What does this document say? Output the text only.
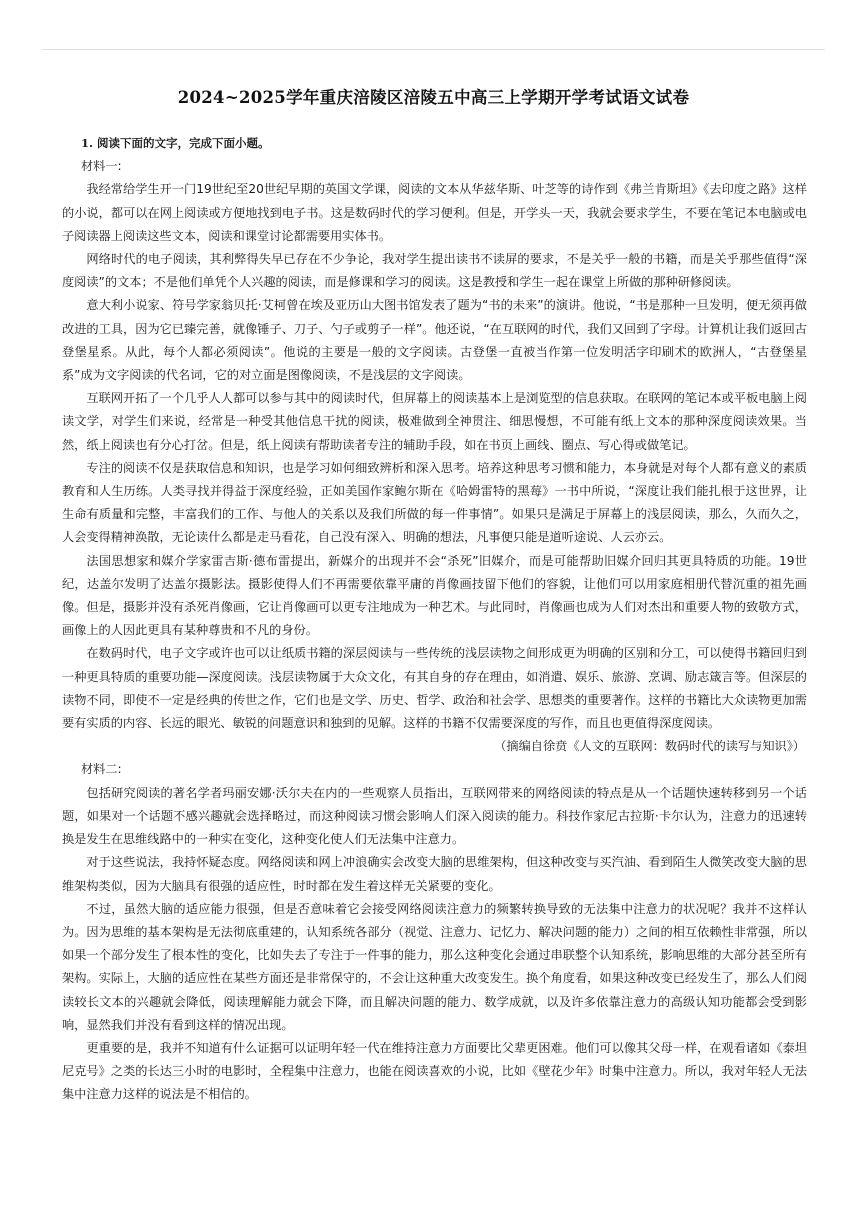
2024~2025学年重庆涪陵区涪陵五中高三上学期开学考试语文试卷

1. 阅读下面的文字，完成下面小题。

材料一:

我经常给学生开一门19世纪至20世纪早期的英国文学课，阅读的文本从华兹华斯、叶芝等的诗作到《弗兰肯斯坦》《去印度之路》这样的小说，都可以在网上阅读或方便地找到电子书。这是数码时代的学习便利。但是，开学头一天，我就会要求学生，不要在笔记本电脑或电子阅读器上阅读这些文本，阅读和课堂讨论都需要用实体书。

网络时代的电子阅读，其利弊得失早已存在不少争论，我对学生提出读书不读屏的要求，不是关乎一般的书籍，而是关乎那些值得“深度阅读”的文本；不是他们单凭个人兴趣的阅读，而是修课和学习的阅读。这是教授和学生一起在课堂上所做的那种研修阅读。

意大利小说家、符号学家翁贝托·艾柯曾在埃及亚历山大图书馆发表了题为“书的未来”的演讲。他说，“书是那种一旦发明，便无须再做改进的工具，因为它已臻完善，就像锤子、刀子、勺子或剪子一样”。他还说，“在互联网的时代，我们又回到了字母。计算机让我们返回古登堡星系。从此，每个人都必须阅读”。他说的主要是一般的文字阅读。古登堡一直被当作第一位发明活字印刷术的欧洲人，“古登堡星系”成为文字阅读的代名词，它的对立面是图像阅读，不是浅层的文字阅读。

互联网开拓了一个几乎人人都可以参与其中的阅读时代，但屏幕上的阅读基本上是浏览型的信息获取。在联网的笔记本或平板电脑上阅读文学，对学生们来说，经常是一种受其他信息干扰的阅读，极难做到全神贯注、细思慢想，不可能有纸上文本的那种深度阅读效果。当然，纸上阅读也有分心打岔。但是，纸上阅读有帮助读者专注的辅助手段，如在书页上画线、圈点、写心得或做笔记。

专注的阅读不仅是获取信息和知识，也是学习如何细致辨析和深入思考。培养这种思考习惯和能力，本身就是对每个人都有意义的素质教育和人生历练。人类寻找并得益于深度经验，正如美国作家鲍尔斯在《哈姆雷特的黑莓》一书中所说，“深度让我们能扎根于这世界，让生命有质量和完整，丰富我们的工作、与他人的关系以及我们所做的每一件事情”。如果只是满足于屏幕上的浅层阅读，那么，久而久之，人会变得精神涣散，无论读什么都是走马看花，自己没有深入、明确的想法，凡事便只能是道听途说、人云亦云。

法国思想家和媒介学家雷吉斯·德布雷提出，新媒介的出现并不会“杀死”旧媒介，而是可能帮助旧媒介回归其更具特质的功能。19世纪，达盖尔发明了达盖尔摄影法。摄影使得人们不再需要依靠平庸的肖像画技留下他们的容貌，让他们可以用家庭相册代替沉重的祖先画像。但是，摄影并没有杀死肖像画，它让肖像画可以更专注地成为一种艺术。与此同时，肖像画也成为人们对杰出和重要人物的致敬方式，画像上的人因此更具有某种尊贵和不凡的身份。

在数码时代，电子文字或许也可以让纸质书籍的深层阅读与一些传统的浅层读物之间形成更为明确的区别和分工，可以使得书籍回归到一种更具特质的重要功能—深度阅读。浅层读物属于大众文化，有其自身的存在理由，如消遣、娱乐、旅游、烹调、励志箴言等。但深层的读物不同，即使不一定是经典的传世之作，它们也是文学、历史、哲学、政治和社会学、思想类的重要著作。这样的书籍比大众读物更加需要有实质的内容、长远的眼光、敏锐的问题意识和独到的见解。这样的书籍不仅需要深度的写作，而且也更值得深度阅读。

（摘编自徐贲《人文的互联网：数码时代的读写与知识》）

材料二:

包括研究阅读的著名学者玛丽安娜·沃尔夫在内的一些观察人员指出，互联网带来的网络阅读的特点是从一个话题快速转移到另一个话题，如果对一个话题不感兴趣就会选择略过，而这种阅读习惯会影响人们深入阅读的能力。科技作家尼古拉斯·卡尔认为，注意力的迅速转换是发生在思维线路中的一种实在变化，这种变化使人们无法集中注意力。

对于这些说法，我持怀疑态度。网络阅读和网上冲浪确实会改变大脑的思维架构，但这种改变与买汽油、看到陌生人微笑改变大脑的思维架构类似，因为大脑具有很强的适应性，时时都在发生着这样无关紧要的变化。

不过，虽然大脑的适应能力很强，但是否意味着它会接受网络阅读注意力的频繁转换导致的无法集中注意力的状况呢？我并不这样认为。因为思维的基本架构是无法彻底重建的，认知系统各部分（视觉、注意力、记忆力、解决问题的能力）之间的相互依赖性非常强，所以如果一个部分发生了根本性的变化，比如失去了专注于一件事的能力，那么这种变化会通过串联整个认知系统，影响思维的大部分甚至所有架构。实际上，大脑的适应性在某些方面还是非常保守的，不会让这种重大改变发生。换个角度看，如果这种改变已经发生了，那么人们阅读较长文本的兴趣就会降低，阅读理解能力就会下降，而且解决问题的能力、数学成就，以及许多依靠注意力的高级认知功能都会受到影响，显然我们并没有看到这样的情况出现。

更重要的是，我并不知道有什么证据可以证明年轻一代在维持注意力方面要比父辈更困难。他们可以像其父母一样，在观看诸如《泰坦尼克号》之类的长达三小时的电影时，全程集中注意力，也能在阅读喜欢的小说，比如《壁花少年》时集中注意力。所以，我对年轻人无法集中注意力这样的说法是不相信的。
